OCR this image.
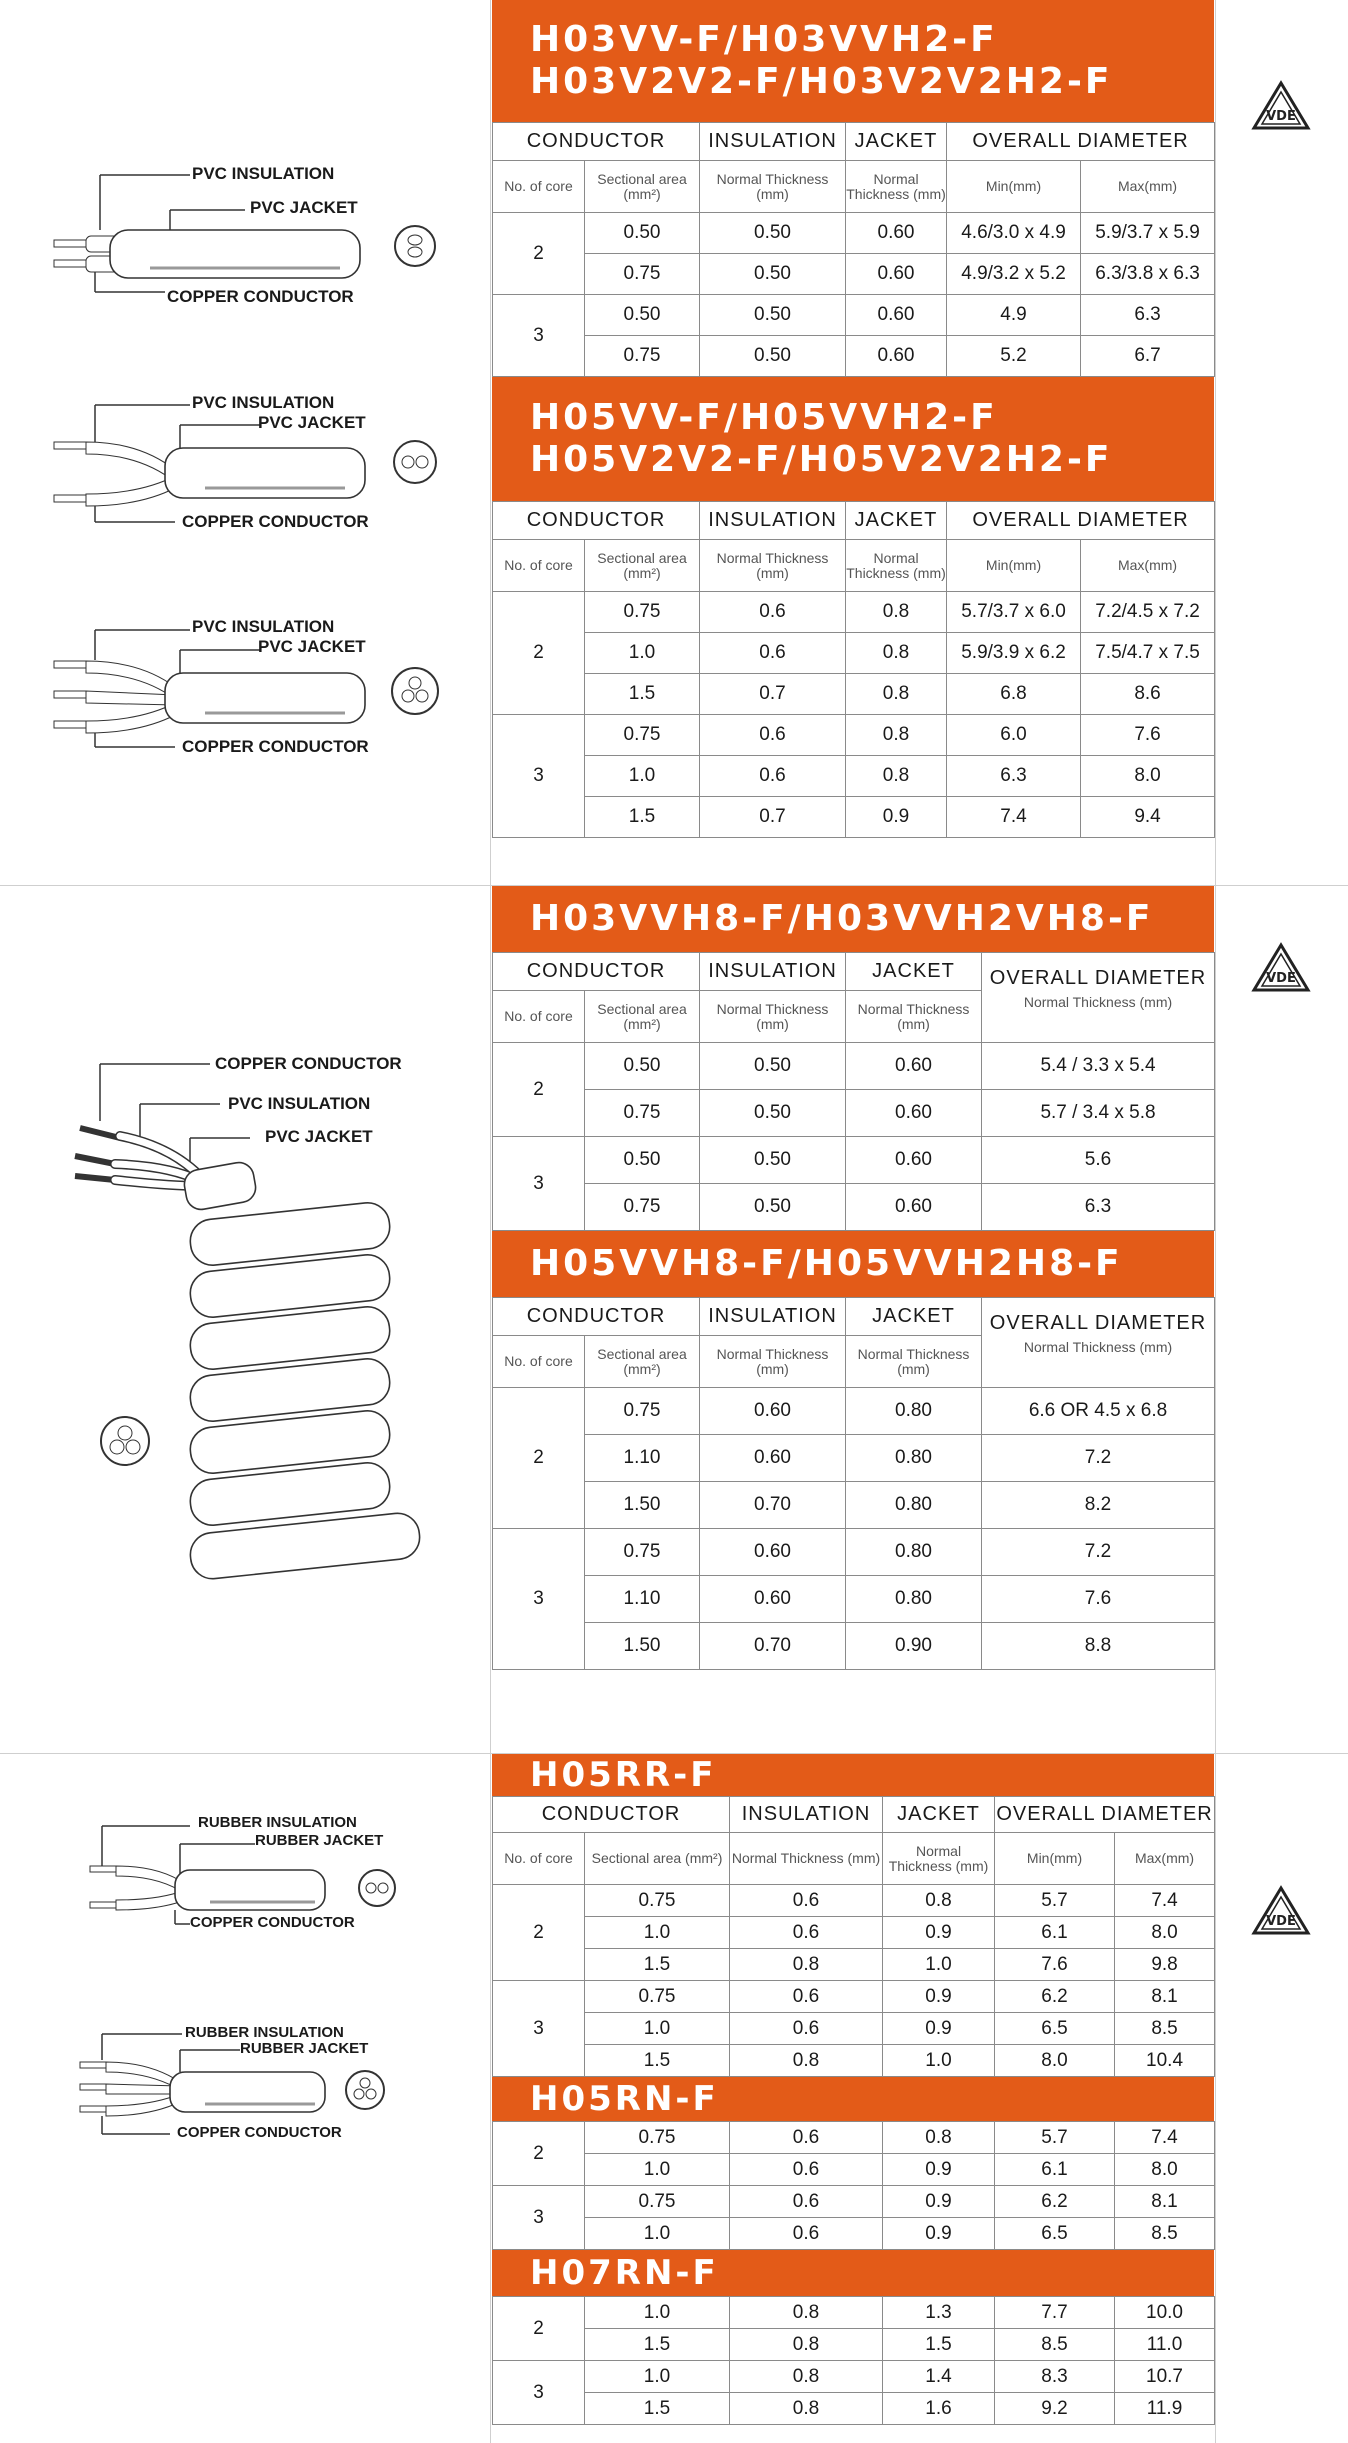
PVC INSULATION
PVC JACKET
COPPER CONDUCTOR
PVC INSULATION
PVC JACKET
COPPER CONDUCTOR
PVC INSULATION
PVC JACKET
COPPER CONDUCTOR
H03VV-F/H03VVH2-F
H03V2V2-F/H03V2V2H2-F
CONDUCTOR		INSULATION	JACKET	OVERALL DIAMETER	
No. of core	Sectional area (mm²)	Normal Thickness (mm)	Normal Thickness (mm)	Min(mm)	Max(mm)
2	0.50	0.50	0.60	4.6/3.0 x 4.9	5.9/3.7 x 5.9
	0.75	0.50	0.60	4.9/3.2 x 5.2	6.3/3.8 x 6.3
3	0.50	0.50	0.60	4.9	6.3
	0.75	0.50	0.60	5.2	6.7
H05VV-F/H05VVH2-F
H05V2V2-F/H05V2V2H2-F
CONDUCTOR		INSULATION	JACKET	OVERALL DIAMETER	
No. of core	Sectional area (mm²)	Normal Thickness (mm)	Normal Thickness (mm)	Min(mm)	Max(mm)
2	0.75	0.6	0.8	5.7/3.7 x 6.0	7.2/4.5 x 7.2
	1.0	0.6	0.8	5.9/3.9 x 6.2	7.5/4.7 x 7.5
	1.5	0.7	0.8	6.8	8.6
3	0.75	0.6	0.8	6.0	7.6
	1.0	0.6	0.8	6.3	8.0
	1.5	0.7	0.9	7.4	9.4
VDE
COPPER CONDUCTOR
PVC INSULATION
PVC JACKET
H03VVH8-F/H03VVH2VH8-F
CONDUCTOR		INSULATION	JACKET	OVERALL DIAMETER
Normal Thickness (mm)

No. of core	Sectional area (mm²)	Normal Thickness (mm)	Normal Thickness (mm)	
2	0.50	0.50	0.60	5.4 / 3.3 x 5.4
	0.75	0.50	0.60	5.7 / 3.4 x 5.8
3	0.50	0.50	0.60	5.6
	0.75	0.50	0.60	6.3
H05VVH8-F/H05VVH2H8-F
CONDUCTOR		INSULATION	JACKET	OVERALL DIAMETER
Normal Thickness (mm)

No. of core	Sectional area (mm²)	Normal Thickness (mm)	Normal Thickness (mm)	
2	0.75	0.60	0.80	6.6 OR 4.5 x 6.8
	1.10	0.60	0.80	7.2
	1.50	0.70	0.80	8.2
3	0.75	0.60	0.80	7.2
	1.10	0.60	0.80	7.6
	1.50	0.70	0.90	8.8
VDE
RUBBER INSULATION
RUBBER JACKET
COPPER CONDUCTOR
RUBBER INSULATION
RUBBER JACKET
COPPER CONDUCTOR
H05RR-F
CONDUCTOR		INSULATION	JACKET	OVERALL DIAMETER	
No. of core	Sectional area (mm²)	Normal Thickness (mm)	Normal Thickness (mm)	Min(mm)	Max(mm)
2	0.75	0.6	0.8	5.7	7.4
	1.0	0.6	0.9	6.1	8.0
	1.5	0.8	1.0	7.6	9.8
3	0.75	0.6	0.9	6.2	8.1
	1.0	0.6	0.9	6.5	8.5
	1.5	0.8	1.0	8.0	10.4
H05RN-F
2	0.75	0.6	0.8	5.7	7.4
	1.0	0.6	0.9	6.1	8.0
3	0.75	0.6	0.9	6.2	8.1
	1.0	0.6	0.9	6.5	8.5
H07RN-F
2	1.0	0.8	1.3	7.7	10.0
	1.5	0.8	1.5	8.5	11.0
3	1.0	0.8	1.4	8.3	10.7
	1.5	0.8	1.6	9.2	11.9
VDE
